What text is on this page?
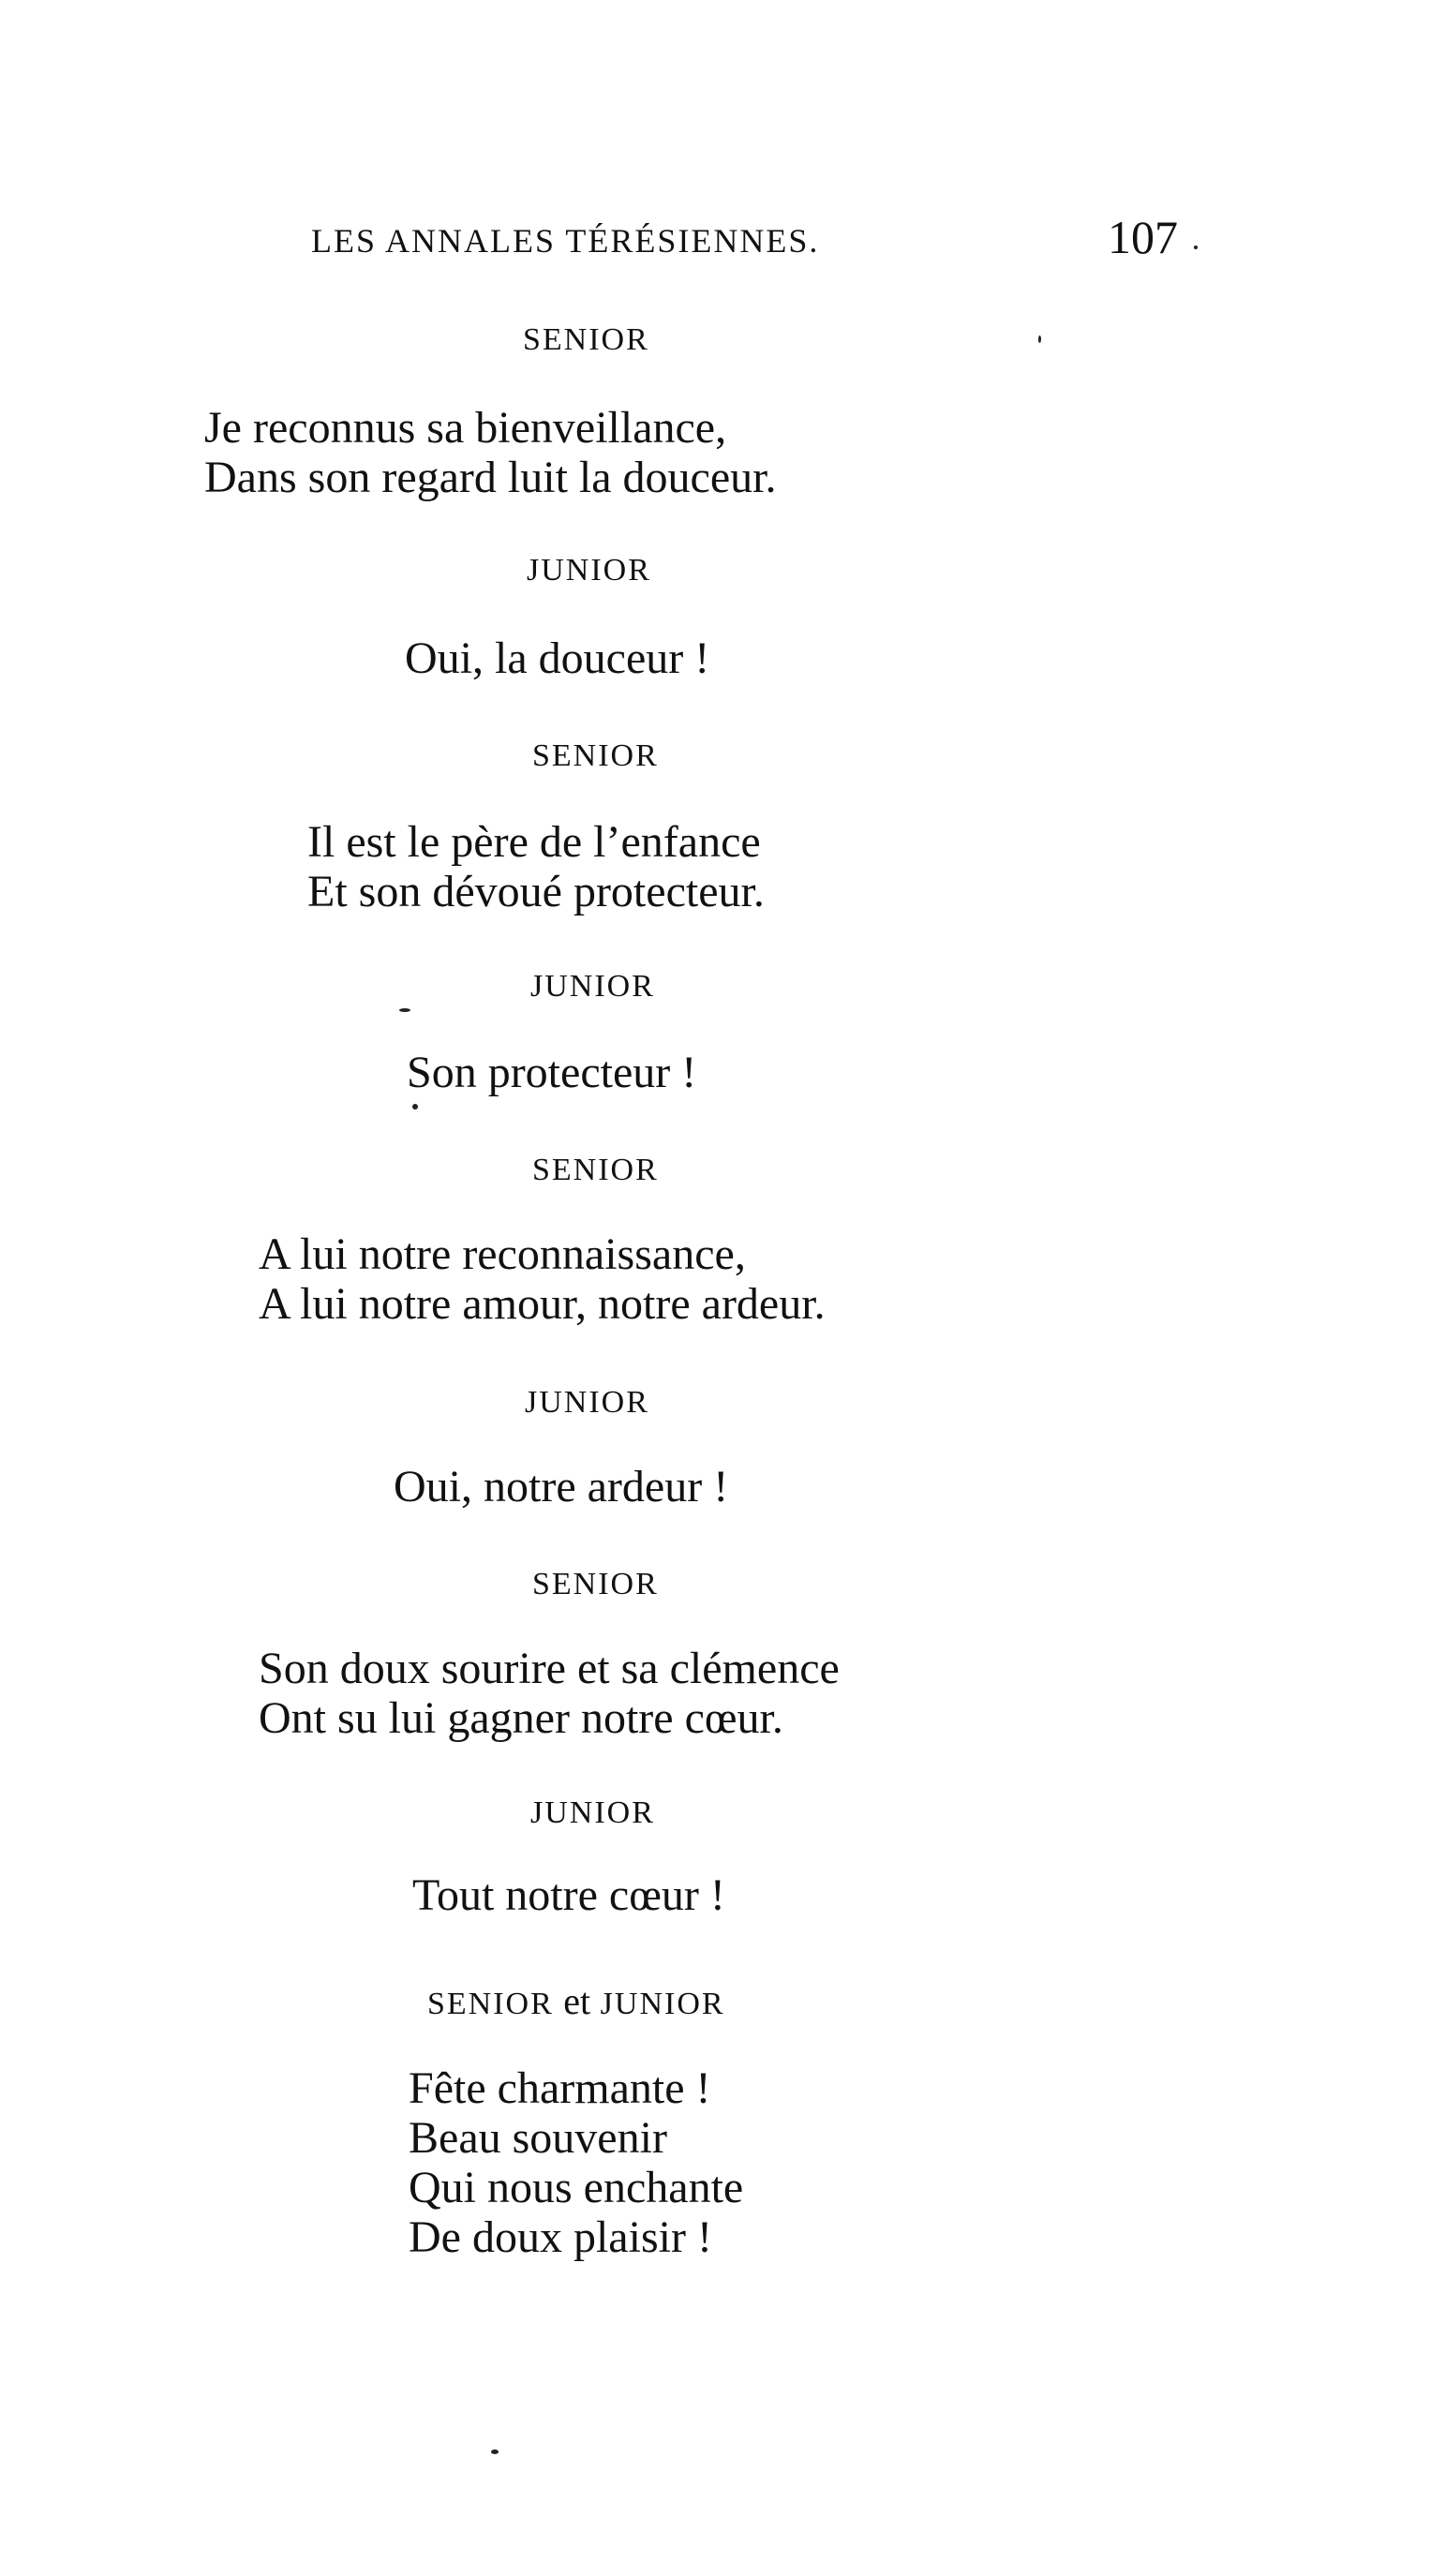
LES ANNALES TÉRÉSIENNES.	107
SENIOR
Je reconnus sa bienveillance,
Dans son regard luit la douceur.
JUNIOR
Oui, la douceur !
SENIOR
Il est le père de l’enfance
Et son dévoué protecteur.
JUNIOR
Son protecteur !
SENIOR
A lui notre reconnaissance,
A lui notre amour, notre ardeur.
JUNIOR
Oui, notre ardeur !
SENIOR
Son doux sourire et sa clémence
Ont su lui gagner notre cœur.
JUNIOR
Tout notre cœur !
SENIOR et JUNIOR
Fête charmante !
Beau souvenir
Qui nous enchante
De doux plaisir !
